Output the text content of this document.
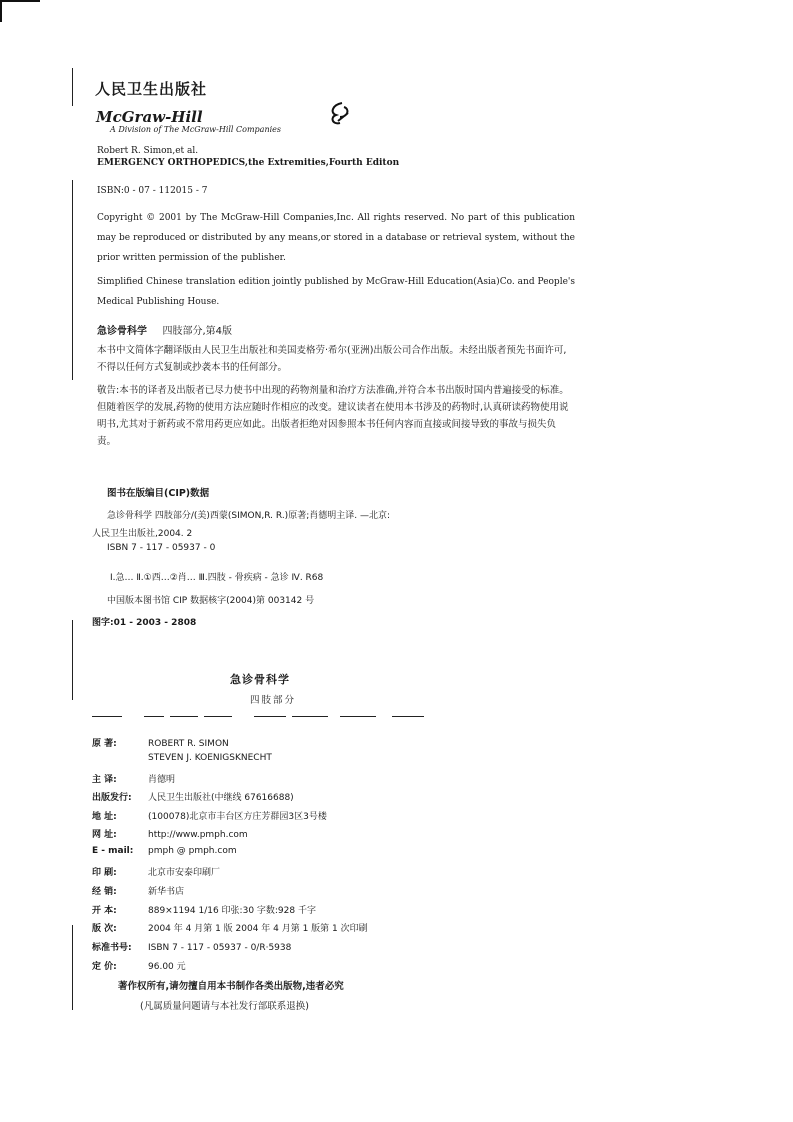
人民卫生出版社
McGraw-Hill
A Division of The McGraw-Hill Companies
Robert R. Simon,et al.
EMERGENCY ORTHOPEDICS,the Extremities,Fourth Editon
ISBN:0 - 07 - 112015 - 7
Copyright © 2001 by The McGraw-Hill Companies,Inc. All rights reserved. No part of this publication may be reproduced or distributed by any means,or stored in a database or retrieval system, without the prior written permission of the publisher.
Simplified Chinese translation edition jointly published by McGraw-Hill Education(Asia)Co. and People's Medical Publishing House.
急诊骨科学 四肢部分,第4版
本书中文简体字翻译版由人民卫生出版社和美国麦格劳·希尔(亚洲)出版公司合作出版。未经出版者预先书面许可,不得以任何方式复制或抄袭本书的任何部分。
敬告:本书的译者及出版者已尽力使书中出现的药物剂量和治疗方法准确,并符合本书出版时国内普遍接受的标准。但随着医学的发展,药物的使用方法应随时作相应的改变。建议读者在使用本书涉及的药物时,认真研读药物使用说明书,尤其对于新药或不常用药更应如此。出版者拒绝对因参照本书任何内容而直接或间接导致的事故与损失负责。
图书在版编目(CIP)数据
急诊骨科学 四肢部分/(美)西蒙(SIMON,R. R.)原著;肖德明主译. —北京:
人民卫生出版社,2004. 2
ISBN 7 - 117 - 05937 - 0
Ⅰ.急… Ⅱ.①西…②肖… Ⅲ.四肢 - 骨疾病 - 急诊 Ⅳ. R68
中国版本图书馆 CIP 数据核字(2004)第 003142 号
图字:01 - 2003 - 2808
急诊骨科学
四肢部分
原 著:	ROBERT R. SIMON
STEVEN J. KOENIGSKNECHT
主 译:	肖德明
出版发行: 人民卫生出版社(中继线 67616688)
地 址:	(100078)北京市丰台区方庄芳群园3区3号楼
网 址:	http://www.pmph.com
E - mail: pmph @ pmph.com
印 刷:	北京市安泰印刷厂
经 销:	新华书店
开 本:	889×1194 1/16 印张:30 字数:928 千字
版 次:	2004 年 4 月第 1 版 2004 年 4 月第 1 版第 1 次印刷
标准书号: ISBN 7 - 117 - 05937 - 0/R·5938
定 价:	96.00 元
著作权所有,请勿擅自用本书制作各类出版物,违者必究
(凡属质量问题请与本社发行部联系退换)
